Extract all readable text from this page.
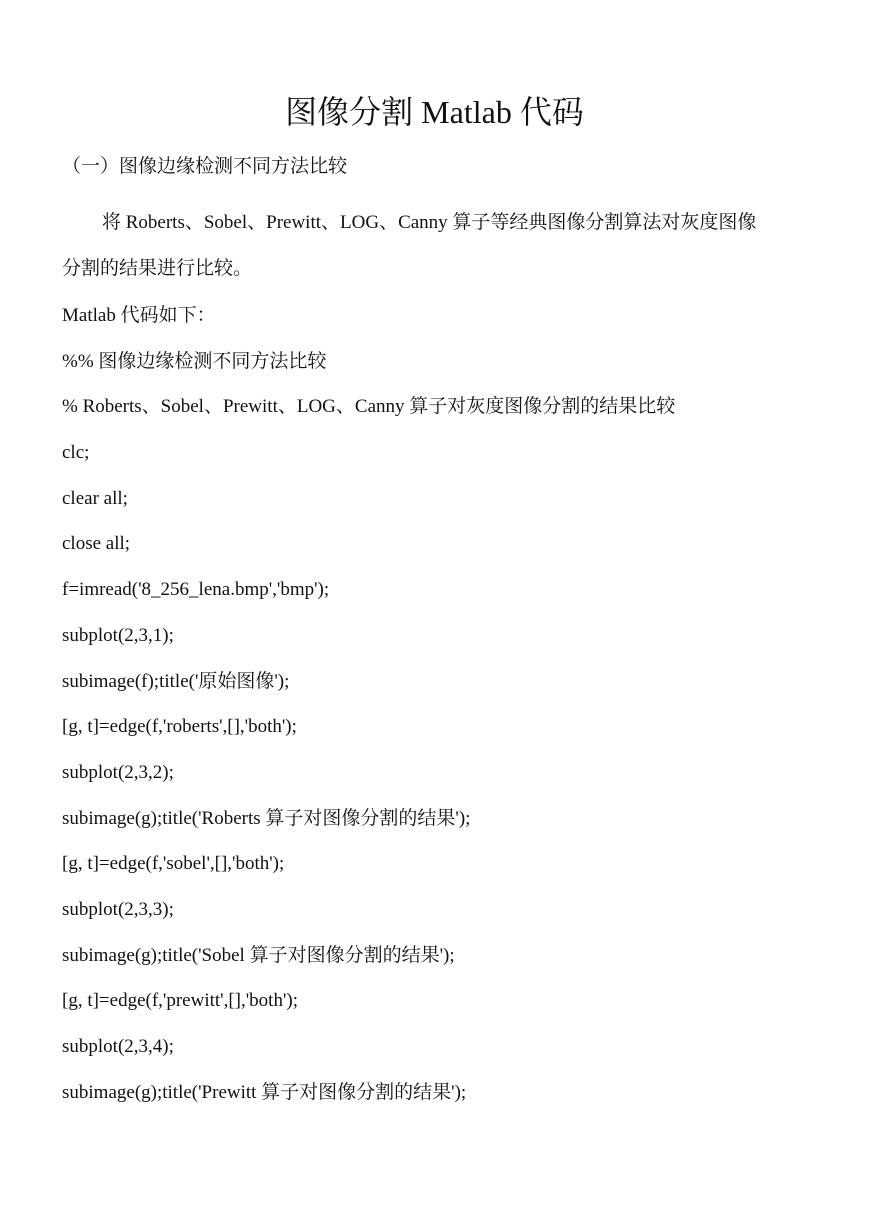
图像分割 Matlab 代码
（一）图像边缘检测不同方法比较
将 Roberts、Sobel、Prewitt、LOG、Canny 算子等经典图像分割算法对灰度图像
分割的结果进行比较。
Matlab 代码如下：
%% 图像边缘检测不同方法比较
% Roberts、Sobel、Prewitt、LOG、Canny 算子对灰度图像分割的结果比较
clc;
clear all;
close all;
f=imread('8_256_lena.bmp','bmp');
subplot(2,3,1);
subimage(f);title('原始图像');
[g, t]=edge(f,'roberts',[],'both');
subplot(2,3,2);
subimage(g);title('Roberts 算子对图像分割的结果');
[g, t]=edge(f,'sobel',[],'both');
subplot(2,3,3);
subimage(g);title('Sobel 算子对图像分割的结果');
[g, t]=edge(f,'prewitt',[],'both');
subplot(2,3,4);
subimage(g);title('Prewitt 算子对图像分割的结果');
